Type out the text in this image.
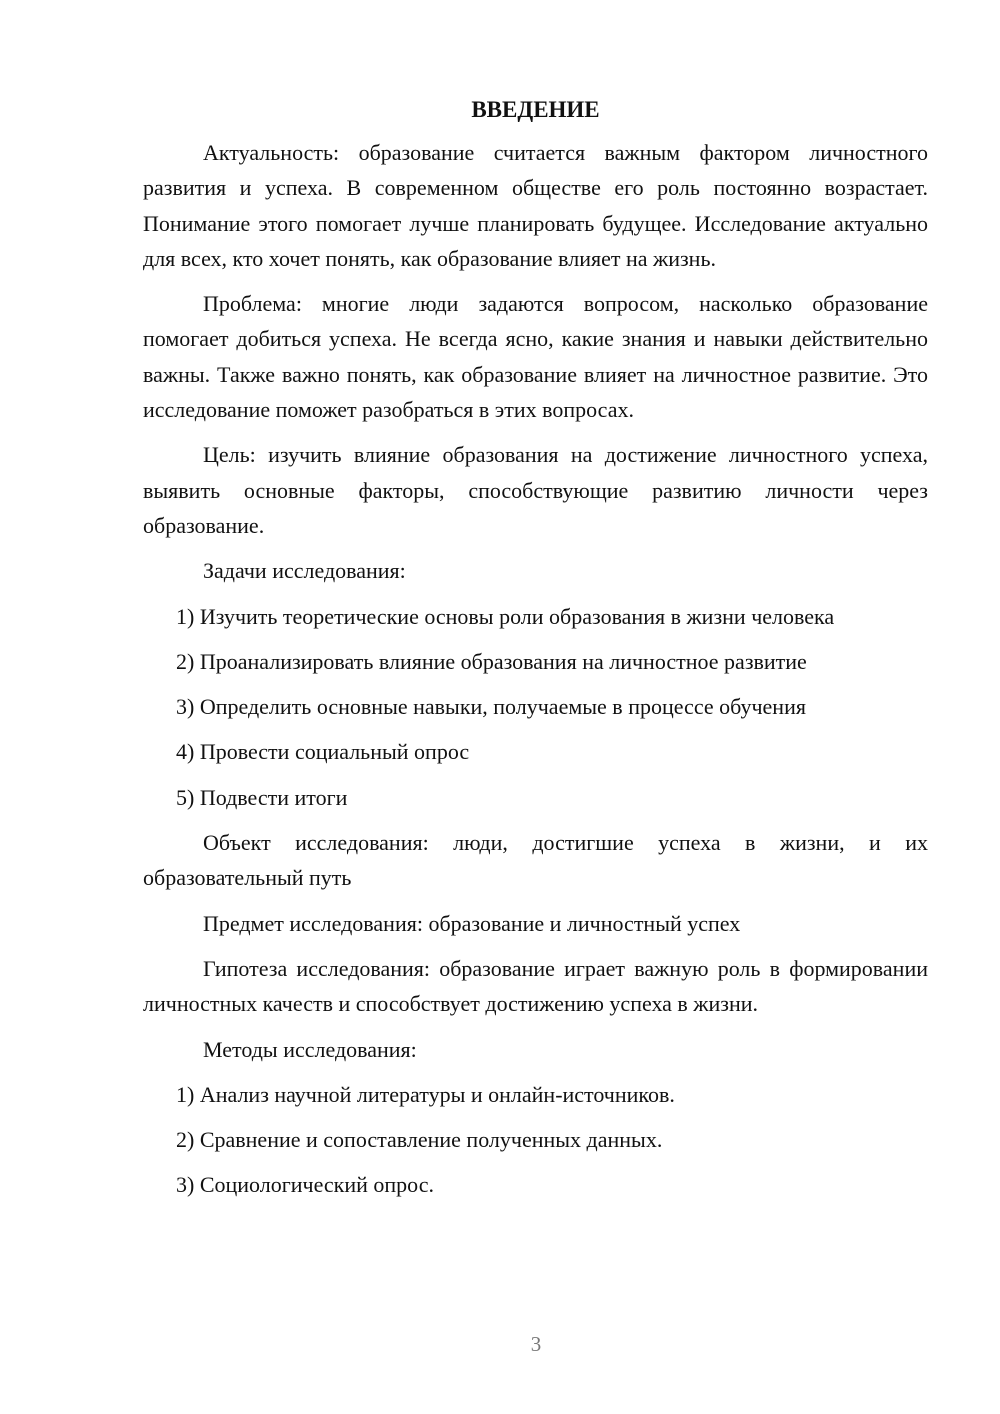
ВВЕДЕНИЕ

Актуальность: образование считается важным фактором личностного развития и успеха. В современном обществе его роль постоянно возрастает. Понимание этого помогает лучше планировать будущее. Исследование актуально для всех, кто хочет понять, как образование влияет на жизнь.

Проблема: многие люди задаются вопросом, насколько образование помогает добиться успеха. Не всегда ясно, какие знания и навыки действительно важны. Также важно понять, как образование влияет на личностное развитие. Это исследование поможет разобраться в этих вопросах.

Цель: изучить влияние образования на достижение личностного успеха, выявить основные факторы, способствующие развитию личности через образование.

Задачи исследования:

1) Изучить теоретические основы роли образования в жизни человека
2) Проанализировать влияние образования на личностное развитие
3) Определить основные навыки, получаемые в процессе обучения
4) Провести социальный опрос
5) Подвести итоги

Объект исследования: люди, достигшие успеха в жизни, и их образовательный путь

Предмет исследования: образование и личностный успех

Гипотеза исследования: образование играет важную роль в формировании личностных качеств и способствует достижению успеха в жизни.

Методы исследования:

1) Анализ научной литературы и онлайн-источников.
2) Сравнение и сопоставление полученных данных.
3) Социологический опрос.
3
